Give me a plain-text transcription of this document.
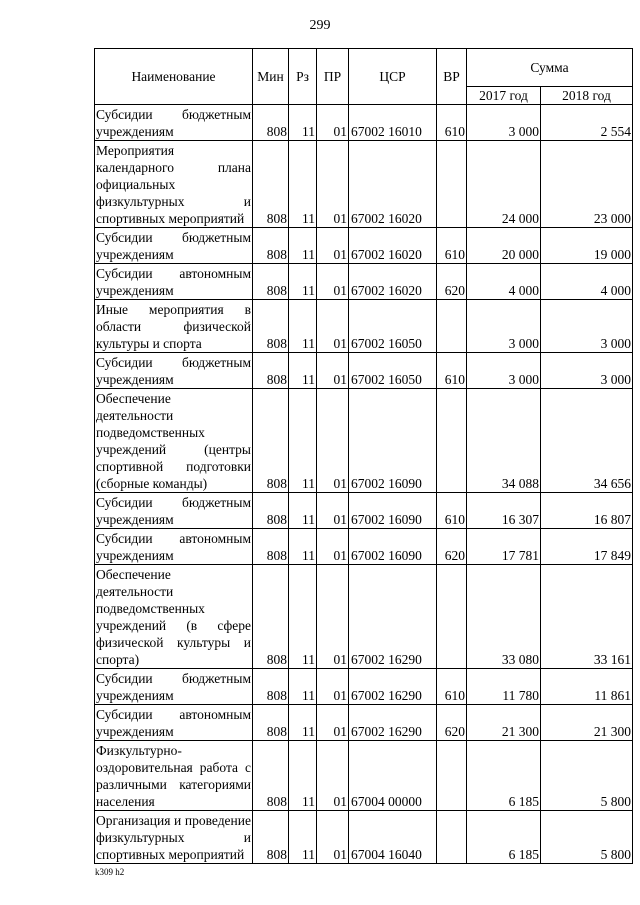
299
Наименование	Мин	Рз	ПР	ЦСР	ВР	Сумма	
						2017 год	2018 год
Субсидии бюджетным учреждениям	808	11	01	67002 16010	610	3 000	2 554
Мероприятия календарного плана официальных физкультурных и спортивных мероприятий	808	11	01	67002 16020		24 000	23 000
Субсидии бюджетным учреждениям	808	11	01	67002 16020	610	20 000	19 000
Субсидии автономным учреждениям	808	11	01	67002 16020	620	4 000	4 000
Иные мероприятия в области физической культуры и спорта	808	11	01	67002 16050		3 000	3 000
Субсидии бюджетным учреждениям	808	11	01	67002 16050	610	3 000	3 000
Обеспечение деятельности подведомственных учреждений (центры спортивной подготовки (сборные команды)	808	11	01	67002 16090		34 088	34 656
Субсидии бюджетным учреждениям	808	11	01	67002 16090	610	16 307	16 807
Субсидии автономным учреждениям	808	11	01	67002 16090	620	17 781	17 849
Обеспечение деятельности подведомственных учреждений (в сфере физической культуры и спорта)	808	11	01	67002 16290		33 080	33 161
Субсидии бюджетным учреждениям	808	11	01	67002 16290	610	11 780	11 861
Субсидии автономным учреждениям	808	11	01	67002 16290	620	21 300	21 300
Физкультурно-оздоровительная работа с различными категориями населения	808	11	01	67004 00000		6 185	5 800
Организация и проведение физкультурных и спортивных мероприятий	808	11	01	67004 16040		6 185	5 800
k309 h2
